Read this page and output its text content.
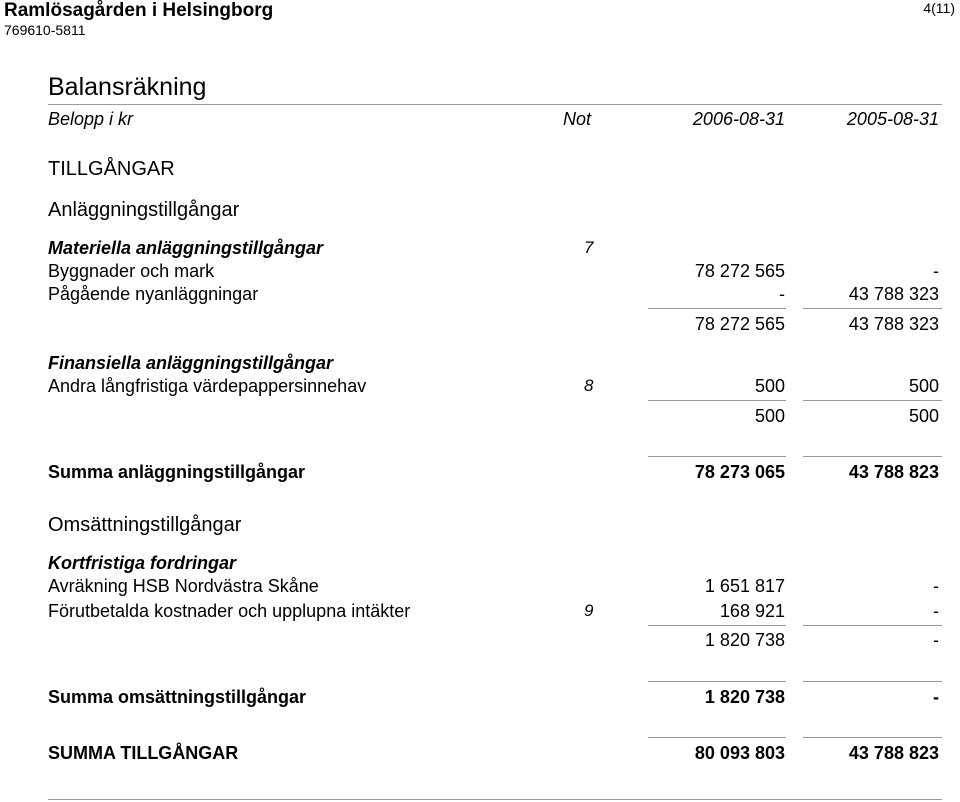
Ramlösagården i Helsingborg
769610-5811
4(11)
Balansräkning
Belopp i kr	Not	2006-08-31	2005-08-31
TILLGÅNGAR
Anläggningstillgångar
Materiella anläggningstillgångar	7
Byggnader och mark	78 272 565	-
Pågående nyanläggningar	-	43 788 323
78 272 565	43 788 323
Finansiella anläggningstillgångar
Andra långfristiga värdepappersinnehav	8	500	500
500	500
Summa anläggningstillgångar	78 273 065	43 788 823
Omsättningstillgångar
Kortfristiga fordringar
Avräkning HSB Nordvästra Skåne	1 651 817	-
Förutbetalda kostnader och upplupna intäkter	9	168 921	-
1 820 738	-
Summa omsättningstillgångar	1 820 738	-
SUMMA TILLGÅNGAR	80 093 803	43 788 823
